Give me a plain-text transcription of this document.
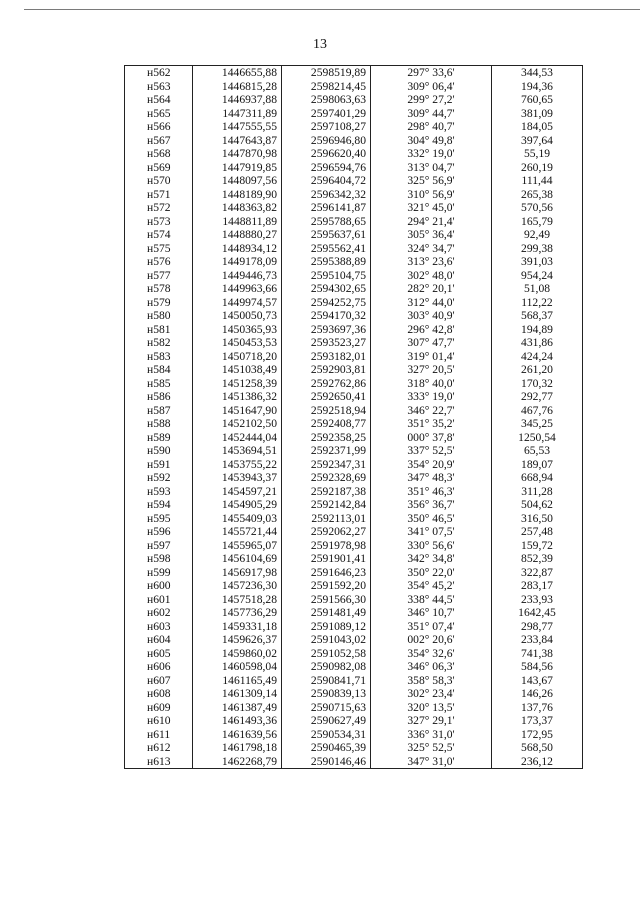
13
н562	1446655,88	2598519,89	297° 33,6'	344,53
н563	1446815,28	2598214,45	309° 06,4'	194,36
н564	1446937,88	2598063,63	299° 27,2'	760,65
н565	1447311,89	2597401,29	309° 44,7'	381,09
н566	1447555,55	2597108,27	298° 40,7'	184,05
н567	1447643,87	2596946,80	304° 49,8'	397,64
н568	1447870,98	2596620,40	332° 19,0'	55,19
н569	1447919,85	2596594,76	313° 04,7'	260,19
н570	1448097,56	2596404,72	325° 56,9'	111,44
н571	1448189,90	2596342,32	310° 56,9'	265,38
н572	1448363,82	2596141,87	321° 45,0'	570,56
н573	1448811,89	2595788,65	294° 21,4'	165,79
н574	1448880,27	2595637,61	305° 36,4'	92,49
н575	1448934,12	2595562,41	324° 34,7'	299,38
н576	1449178,09	2595388,89	313° 23,6'	391,03
н577	1449446,73	2595104,75	302° 48,0'	954,24
н578	1449963,66	2594302,65	282° 20,1'	51,08
н579	1449974,57	2594252,75	312° 44,0'	112,22
н580	1450050,73	2594170,32	303° 40,9'	568,37
н581	1450365,93	2593697,36	296° 42,8'	194,89
н582	1450453,53	2593523,27	307° 47,7'	431,86
н583	1450718,20	2593182,01	319° 01,4'	424,24
н584	1451038,49	2592903,81	327° 20,5'	261,20
н585	1451258,39	2592762,86	318° 40,0'	170,32
н586	1451386,32	2592650,41	333° 19,0'	292,77
н587	1451647,90	2592518,94	346° 22,7'	467,76
н588	1452102,50	2592408,77	351° 35,2'	345,25
н589	1452444,04	2592358,25	000° 37,8'	1250,54
н590	1453694,51	2592371,99	337° 52,5'	65,53
н591	1453755,22	2592347,31	354° 20,9'	189,07
н592	1453943,37	2592328,69	347° 48,3'	668,94
н593	1454597,21	2592187,38	351° 46,3'	311,28
н594	1454905,29	2592142,84	356° 36,7'	504,62
н595	1455409,03	2592113,01	350° 46,5'	316,50
н596	1455721,44	2592062,27	341° 07,5'	257,48
н597	1455965,07	2591978,98	330° 56,6'	159,72
н598	1456104,69	2591901,41	342° 34,8'	852,39
н599	1456917,98	2591646,23	350° 22,0'	322,87
н600	1457236,30	2591592,20	354° 45,2'	283,17
н601	1457518,28	2591566,30	338° 44,5'	233,93
н602	1457736,29	2591481,49	346° 10,7'	1642,45
н603	1459331,18	2591089,12	351° 07,4'	298,77
н604	1459626,37	2591043,02	002° 20,6'	233,84
н605	1459860,02	2591052,58	354° 32,6'	741,38
н606	1460598,04	2590982,08	346° 06,3'	584,56
н607	1461165,49	2590841,71	358° 58,3'	143,67
н608	1461309,14	2590839,13	302° 23,4'	146,26
н609	1461387,49	2590715,63	320° 13,5'	137,76
н610	1461493,36	2590627,49	327° 29,1'	173,37
н611	1461639,56	2590534,31	336° 31,0'	172,95
н612	1461798,18	2590465,39	325° 52,5'	568,50
н613	1462268,79	2590146,46	347° 31,0'	236,12
